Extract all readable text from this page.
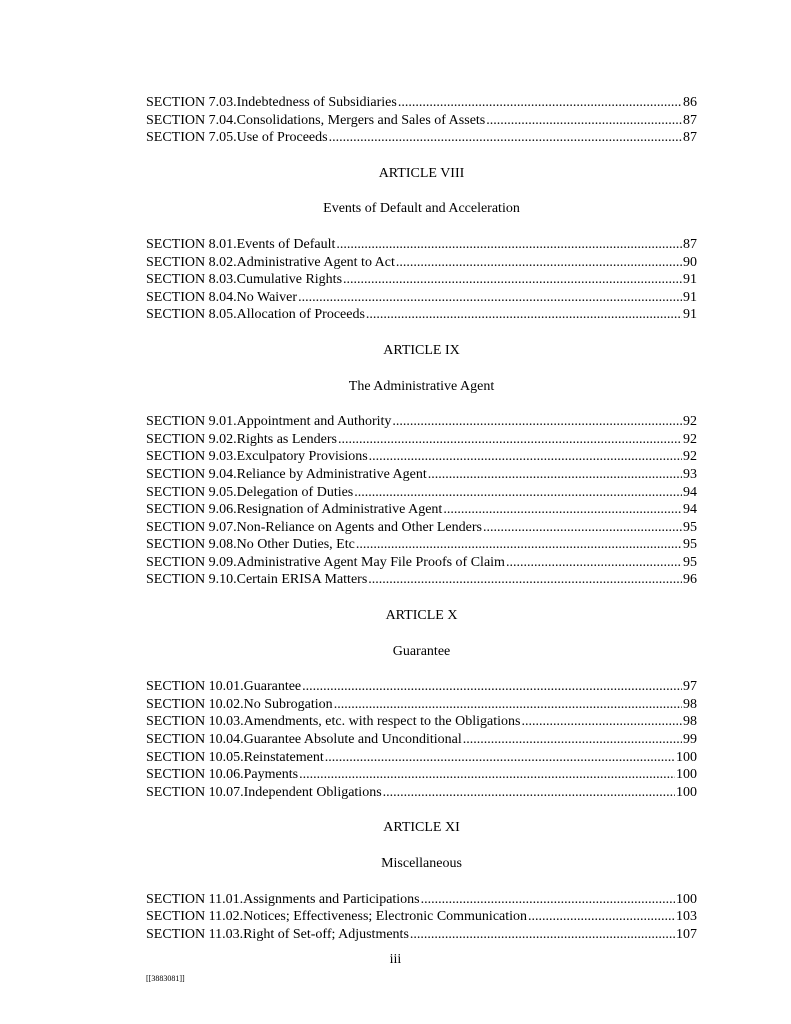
SECTION 7.03. Indebtedness of Subsidiaries .....	86
SECTION 7.04. Consolidations, Mergers and Sales of Assets .....	87
SECTION 7.05. Use of Proceeds .....	87
ARTICLE VIII
Events of Default and Acceleration
SECTION 8.01. Events of Default .....	87
SECTION 8.02. Administrative Agent to Act .....	90
SECTION 8.03. Cumulative Rights .....	91
SECTION 8.04. No Waiver .....	91
SECTION 8.05. Allocation of Proceeds .....	91
ARTICLE IX
The Administrative Agent
SECTION 9.01. Appointment and Authority .....	92
SECTION 9.02. Rights as Lenders .....	92
SECTION 9.03. Exculpatory Provisions .....	92
SECTION 9.04. Reliance by Administrative Agent .....	93
SECTION 9.05. Delegation of Duties .....	94
SECTION 9.06. Resignation of Administrative Agent .....	94
SECTION 9.07. Non-Reliance on Agents and Other Lenders .....	95
SECTION 9.08. No Other Duties, Etc .....	95
SECTION 9.09. Administrative Agent May File Proofs of Claim .....	95
SECTION 9.10. Certain ERISA Matters .....	96
ARTICLE X
Guarantee
SECTION 10.01. Guarantee .....	97
SECTION 10.02. No Subrogation .....	98
SECTION 10.03. Amendments, etc. with respect to the Obligations .....	98
SECTION 10.04. Guarantee Absolute and Unconditional .....	99
SECTION 10.05. Reinstatement .....	100
SECTION 10.06. Payments .....	100
SECTION 10.07. Independent Obligations .....	100
ARTICLE XI
Miscellaneous
SECTION 11.01. Assignments and Participations .....	100
SECTION 11.02. Notices; Effectiveness; Electronic Communication .....	103
SECTION 11.03. Right of Set-off; Adjustments .....	107
iii
[[3883081]]
